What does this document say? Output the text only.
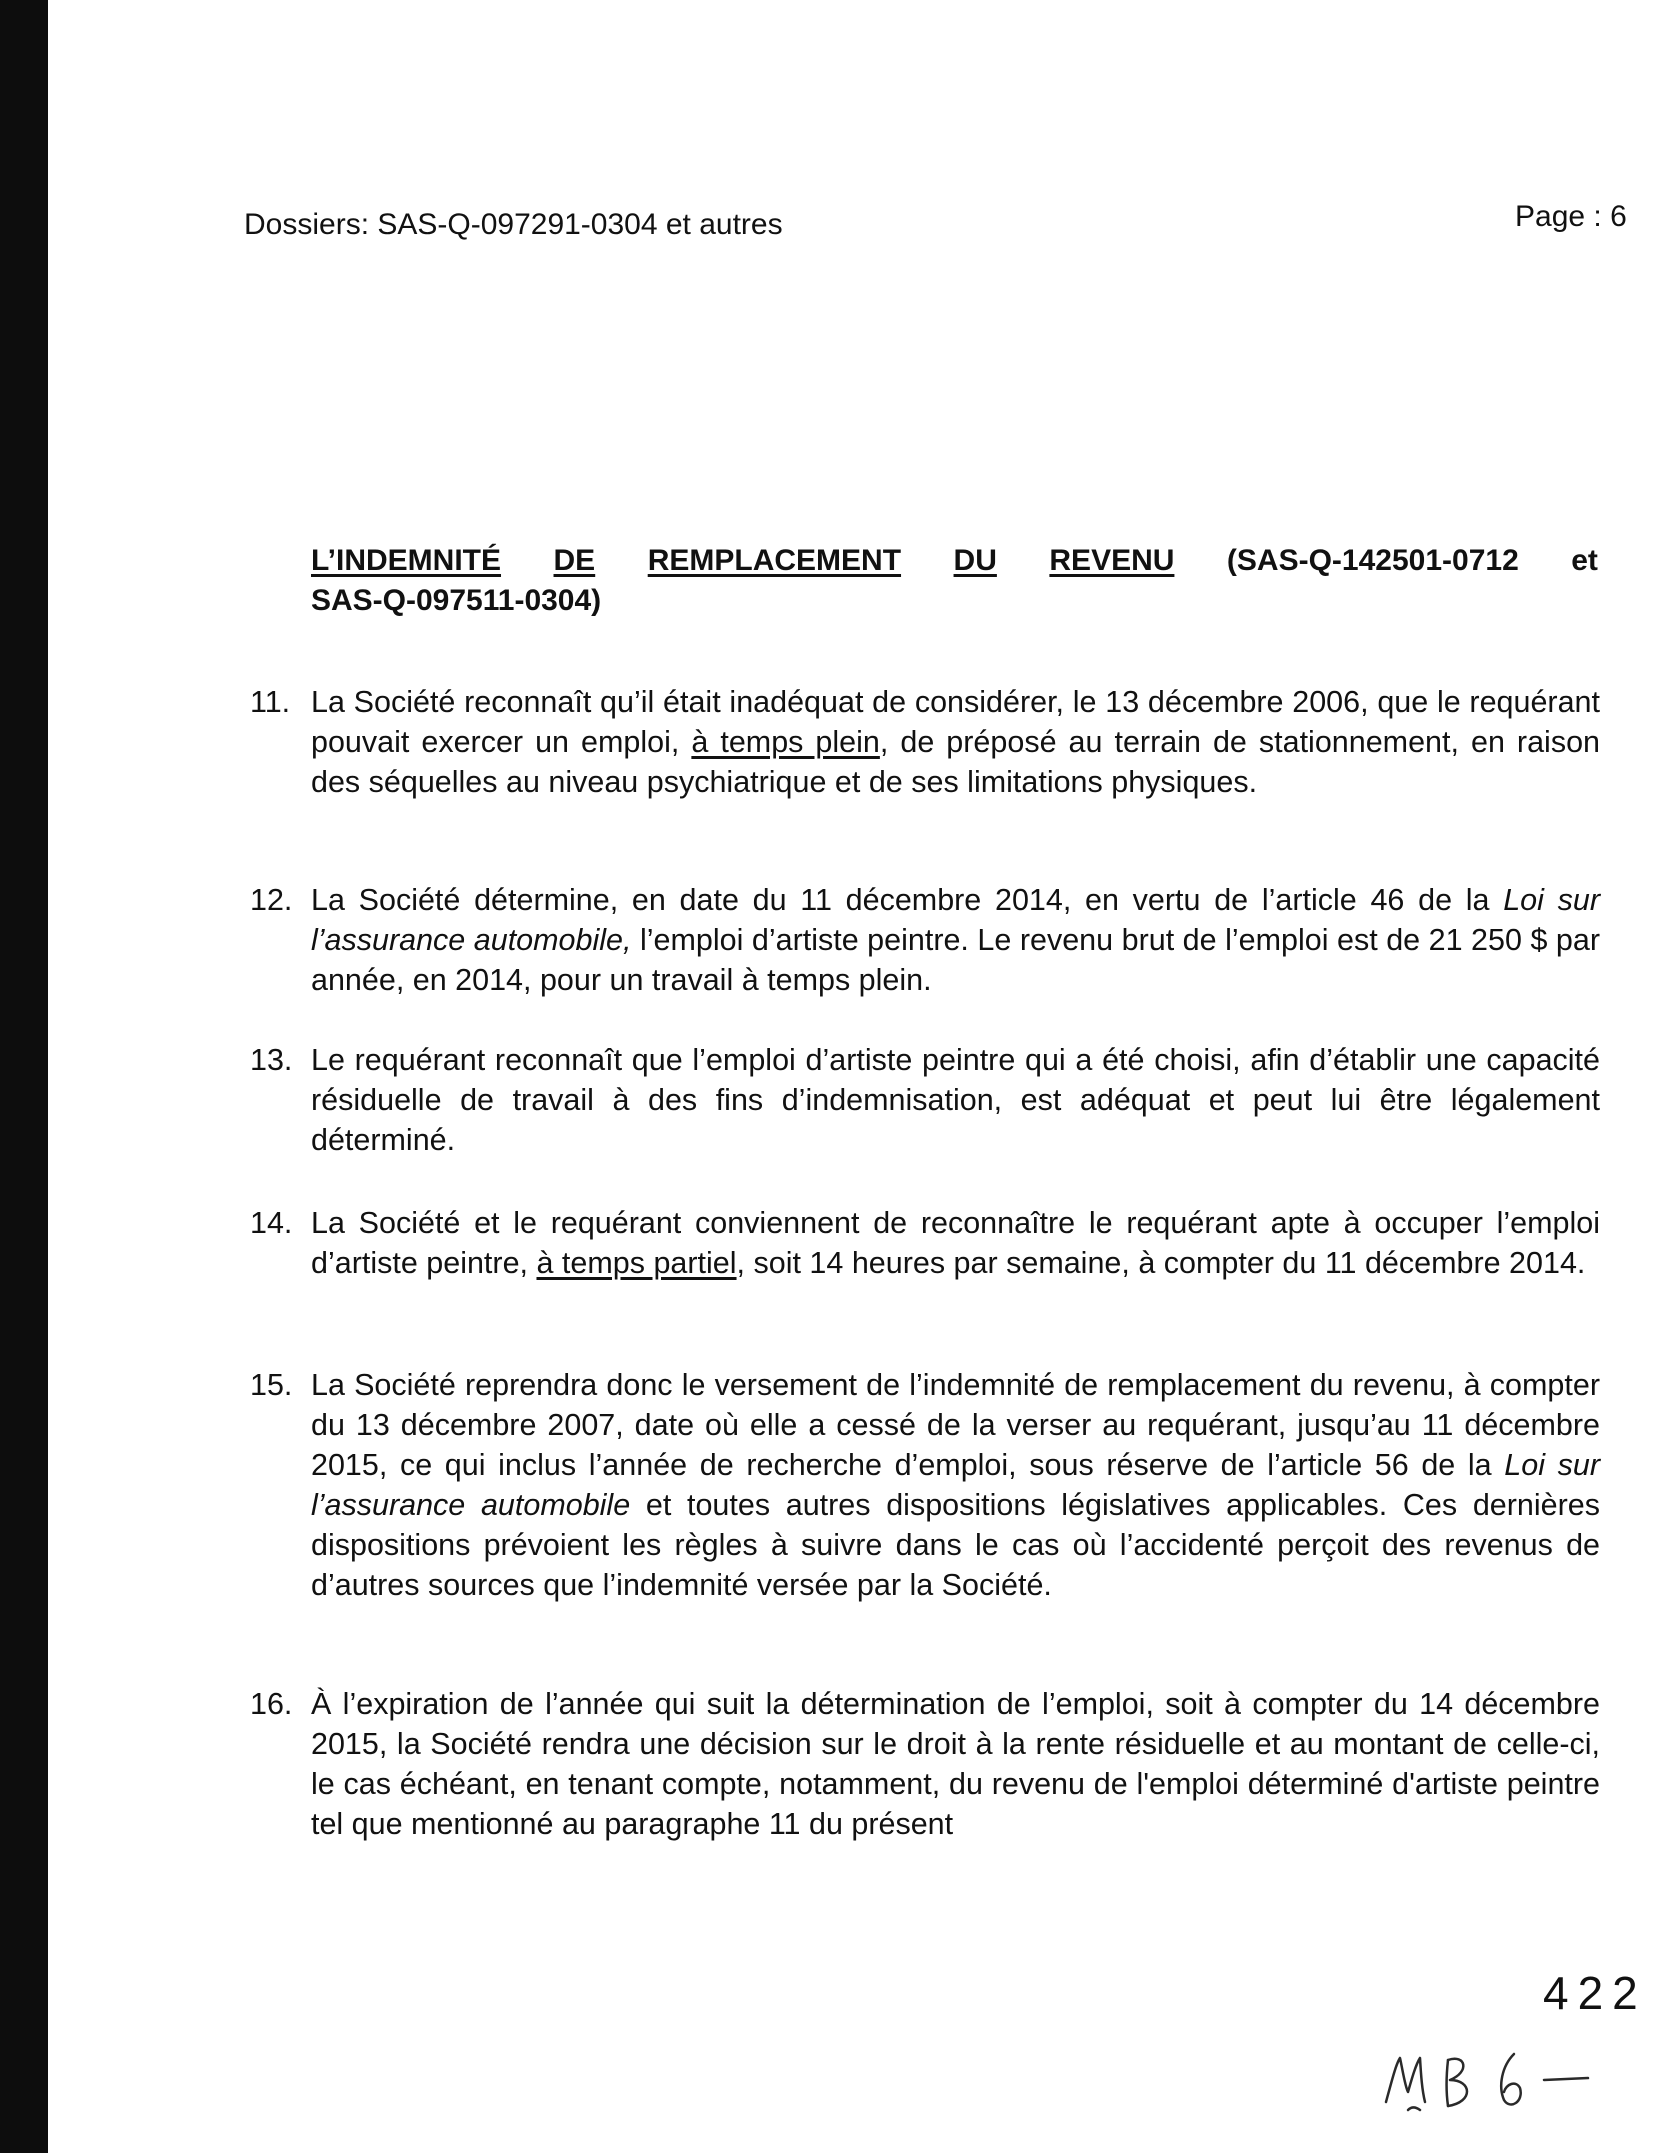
Dossiers: SAS-Q-097291-0304 et autres	Page : 6
L’INDEMNITÉ DE REMPLACEMENT DU REVENU (SAS-Q-142501-0712 et
SAS-Q-097511-0304)
11. La Société reconnaît qu’il était inadéquat de considérer, le 13 décembre 2006, que le requérant pouvait exercer un emploi, à temps plein, de préposé au terrain de stationnement, en raison des séquelles au niveau psychiatrique et de ses limitations physiques.
12. La Société détermine, en date du 11 décembre 2014, en vertu de l’article 46 de la Loi sur l’assurance automobile, l’emploi d’artiste peintre. Le revenu brut de l’emploi est de 21 250 $ par année, en 2014, pour un travail à temps plein.
13. Le requérant reconnaît que l’emploi d’artiste peintre qui a été choisi, afin d’établir une capacité résiduelle de travail à des fins d’indemnisation, est adéquat et peut lui être légalement déterminé.
14. La Société et le requérant conviennent de reconnaître le requérant apte à occuper l’emploi d’artiste peintre, à temps partiel, soit 14 heures par semaine, à compter du 11 décembre 2014.
15. La Société reprendra donc le versement de l’indemnité de remplacement du revenu, à compter du 13 décembre 2007, date où elle a cessé de la verser au requérant, jusqu’au 11 décembre 2015, ce qui inclus l’année de recherche d’emploi, sous réserve de l’article 56 de la Loi sur l’assurance automobile et toutes autres dispositions législatives applicables. Ces dernières dispositions prévoient les règles à suivre dans le cas où l’accidenté perçoit des revenus de d’autres sources que l’indemnité versée par la Société.
16. À l’expiration de l’année qui suit la détermination de l’emploi, soit à compter du 14 décembre 2015, la Société rendra une décision sur le droit à la rente résiduelle et au montant de celle-ci, le cas échéant, en tenant compte, notamment, du revenu de l'emploi déterminé d'artiste peintre tel que mentionné au paragraphe 11 du présent
422
